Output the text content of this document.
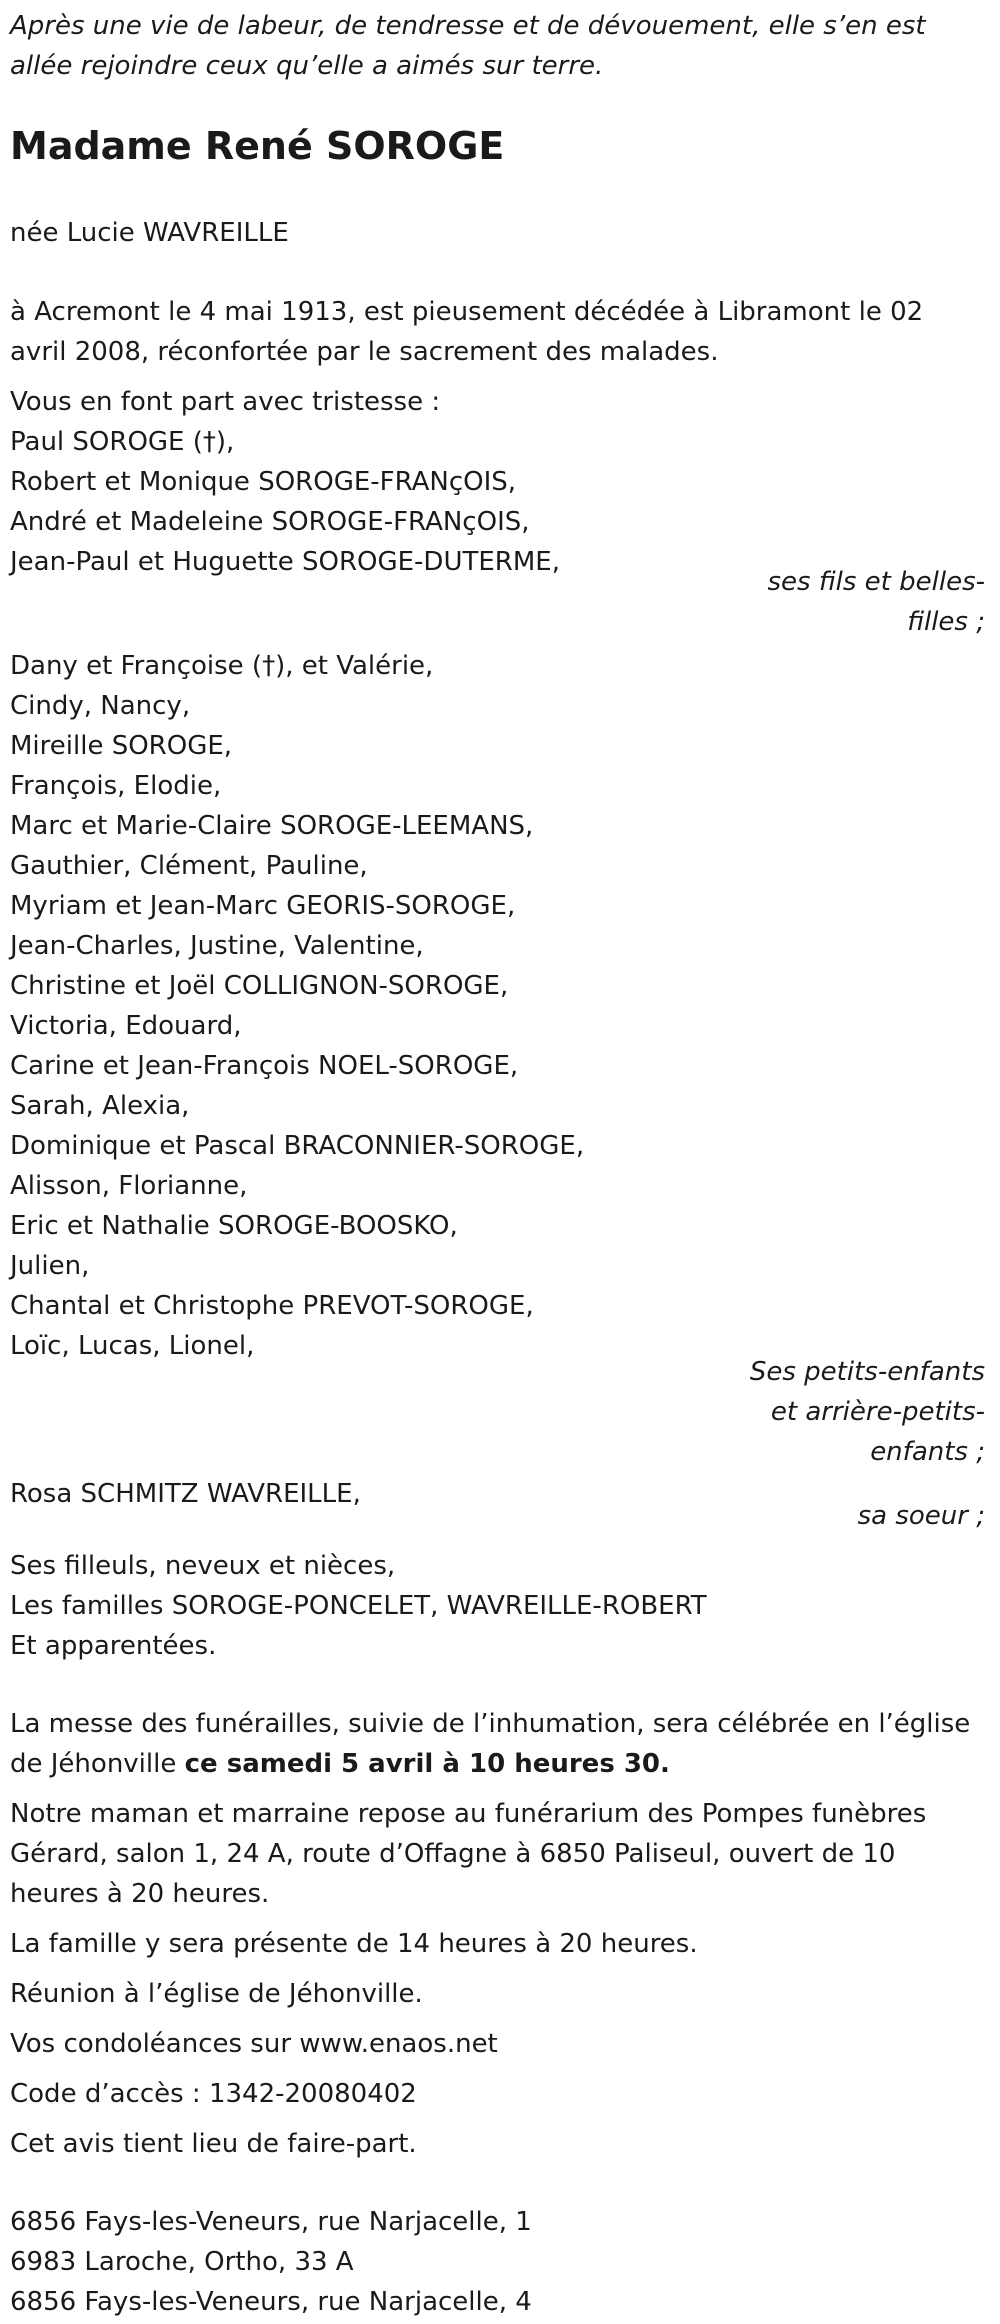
Après une vie de labeur, de tendresse et de dévouement, elle s’en est
allée rejoindre ceux qu’elle a aimés sur terre.
Madame René SOROGE
née Lucie WAVREILLE
à Acremont le 4 mai 1913, est pieusement décédée à Libramont le 02
avril 2008, réconfortée par le sacrement des malades.
Vous en font part avec tristesse :
Paul SOROGE (†),
Robert et Monique SOROGE-FRANçOIS,
André et Madeleine SOROGE-FRANçOIS,
Jean-Paul et Huguette SOROGE-DUTERME,
ses fils et belles-
filles ;
Dany et Françoise (†), et Valérie,
Cindy, Nancy,
Mireille SOROGE,
François, Elodie,
Marc et Marie-Claire SOROGE-LEEMANS,
Gauthier, Clément, Pauline,
Myriam et Jean-Marc GEORIS-SOROGE,
Jean-Charles, Justine, Valentine,
Christine et Joël COLLIGNON-SOROGE,
Victoria, Edouard,
Carine et Jean-François NOEL-SOROGE,
Sarah, Alexia,
Dominique et Pascal BRACONNIER-SOROGE,
Alisson, Florianne,
Eric et Nathalie SOROGE-BOOSKO,
Julien,
Chantal et Christophe PREVOT-SOROGE,
Loïc, Lucas, Lionel,
Ses petits-enfants
et arrière-petits-
enfants ;
Rosa SCHMITZ WAVREILLE,
sa soeur ;
Ses filleuls, neveux et nièces,
Les familles SOROGE-PONCELET, WAVREILLE-ROBERT
Et apparentées.
La messe des funérailles, suivie de l’inhumation, sera célébrée en l’église
de Jéhonville ce samedi 5 avril à 10 heures 30.
Notre maman et marraine repose au funérarium des Pompes funèbres
Gérard, salon 1, 24 A, route d’Offagne à 6850 Paliseul, ouvert de 10
heures à 20 heures.
La famille y sera présente de 14 heures à 20 heures.
Réunion à l’église de Jéhonville.
Vos condoléances sur www.enaos.net
Code d’accès : 1342-20080402
Cet avis tient lieu de faire-part.
6856 Fays-les-Veneurs, rue Narjacelle, 1
6983 Laroche, Ortho, 33 A
6856 Fays-les-Veneurs, rue Narjacelle, 4
